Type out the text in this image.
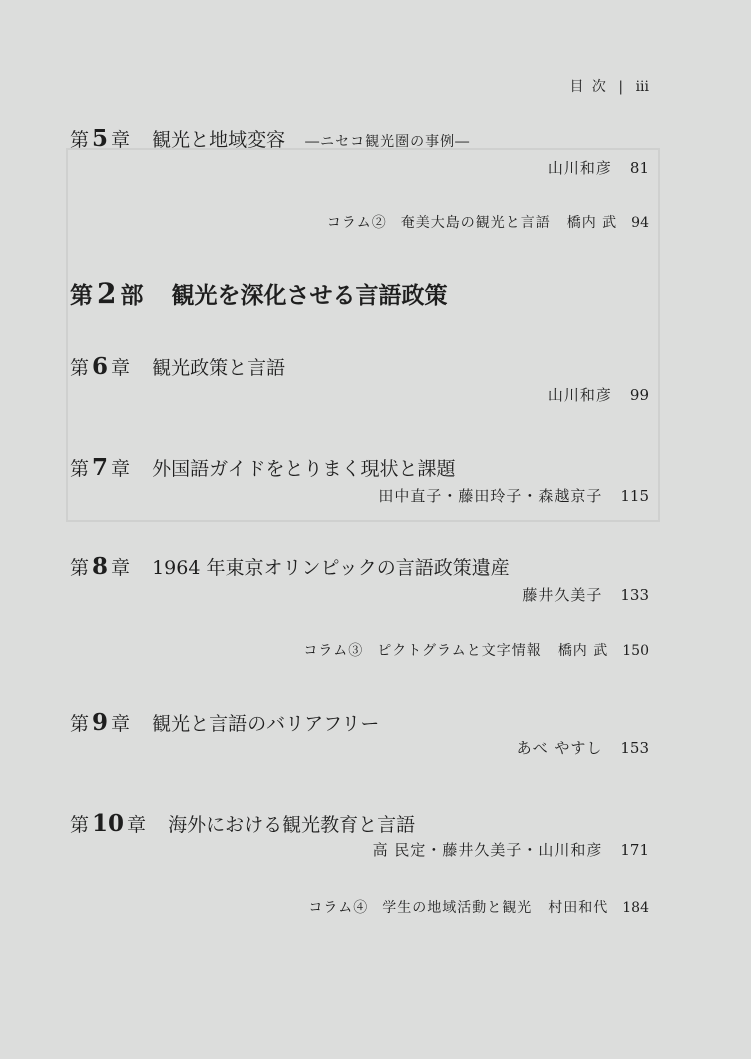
目 次 | iii
第 5 章 観光と地域変容 ―ニセコ観光圏の事例―
山川和彦 81
コラム② 奄美大島の観光と言語 橋内 武 94
第 2 部 観光を深化させる言語政策
第 6 章 観光政策と言語
山川和彦 99
第 7 章 外国語ガイドをとりまく現状と課題
田中直子・藤田玲子・森越京子 115
第 8 章 1964 年東京オリンピックの言語政策遺産
藤井久美子 133
コラム③ ピクトグラムと文字情報 橋内 武 150
第 9 章 観光と言語のバリアフリー
あべ やすし 153
第 10 章 海外における観光教育と言語
高 民定・藤井久美子・山川和彦 171
コラム④ 学生の地域活動と観光 村田和代 184
